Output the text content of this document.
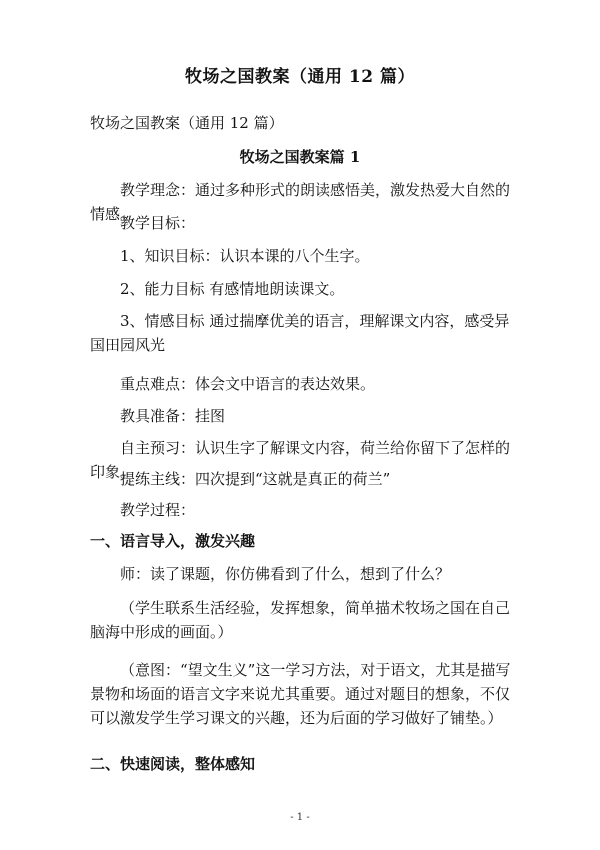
牧场之国教案（通用 12 篇）
牧场之国教案（通用 12 篇）
牧场之国教案篇 1

教学理念：通过多种形式的朗读感悟美，激发热爱大自然的情感。

教学目标：

1、知识目标：认识本课的八个生字。

2、能力目标 有感情地朗读课文。

3、情感目标 通过揣摩优美的语言，理解课文内容，感受异国田园风光

重点难点：体会文中语言的表达效果。

教具准备：挂图

自主预习：认识生字了解课文内容，荷兰给你留下了怎样的印象。

提练主线：四次提到“这就是真正的荷兰”

教学过程：

一、语言导入，激发兴趣

师：读了课题，你仿佛看到了什么，想到了什么？

（学生联系生活经验，发挥想象，简单描术牧场之国在自己脑海中形成的画面。）

（意图：“望文生义”这一学习方法，对于语文，尤其是描写景物和场面的语言文字来说尤其重要。通过对题目的想象，不仅可以激发学生学习课文的兴趣，还为后面的学习做好了铺垫。）

二、快速阅读，整体感知

- 1 -
